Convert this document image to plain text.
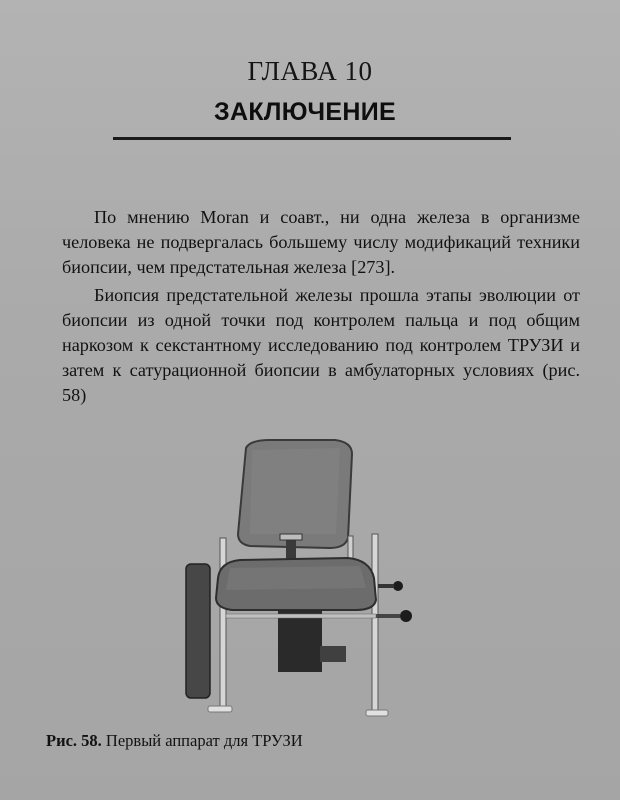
ГЛАВА 10
ЗАКЛЮЧЕНИЕ

По мнению Moran и соавт., ни одна железа в организме человека не подвергалась большему числу модификаций техники биопсии, чем предстательная железа [273].

Биопсия предстательной железы прошла этапы эволюции от биопсии из одной точки под контролем пальца и под общим наркозом к секстантному исследованию под контролем ТРУЗИ и затем к сатурационной биопсии в амбулаторных условиях (рис. 58)

Рис. 58. Первый аппарат для ТРУЗИ
